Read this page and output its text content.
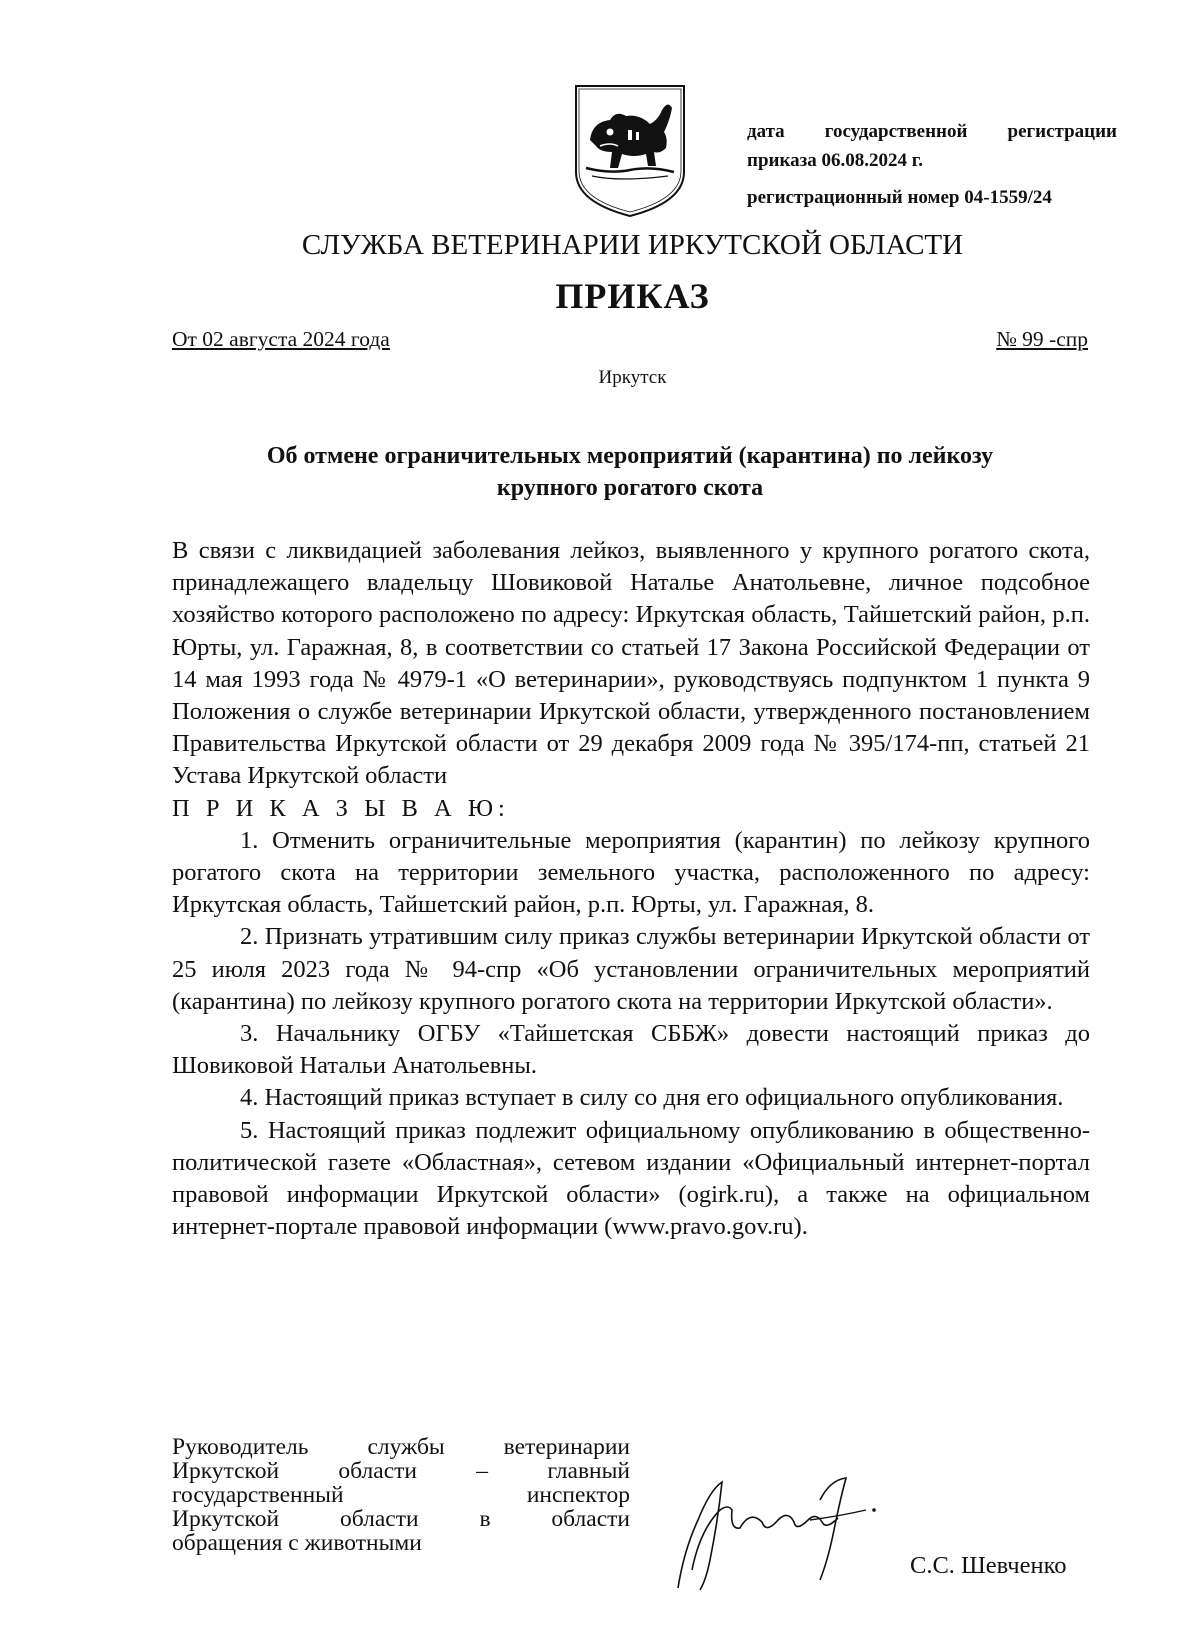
дата государственной регистрации
приказа 06.08.2024 г.
регистрационный номер 04-1559/24
СЛУЖБА ВЕТЕРИНАРИИ ИРКУТСКОЙ ОБЛАСТИ
ПРИКАЗ
От 02 августа 2024 года	№ 99 -спр
Иркутск
Об отмене ограничительных мероприятий (карантина) по лейкозу
крупного рогатого скота

В связи с ликвидацией заболевания лейкоз, выявленного у крупного рогатого скота, принадлежащего владельцу Шовиковой Наталье Анатольевне, личное подсобное хозяйство которого расположено по адресу: Иркутская область, Тайшетский район, р.п. Юрты, ул. Гаражная, 8, в соответствии со статьей 17 Закона Российской Федерации от 14 мая 1993 года № 4979-1 «О ветеринарии», руководствуясь подпунктом 1 пункта 9 Положения о службе ветеринарии Иркутской области, утвержденного постановлением Правительства Иркутской области от 29 декабря 2009 года № 395/174-пп, статьей 21 Устава Иркутской области

П Р И К А З Ы В А Ю:

1. Отменить ограничительные мероприятия (карантин) по лейкозу крупного рогатого скота на территории земельного участка, расположенного по адресу: Иркутская область, Тайшетский район, р.п. Юрты, ул. Гаражная, 8.

2. Признать утратившим силу приказ службы ветеринарии Иркутской области от 25 июля 2023 года № 94-спр «Об установлении ограничительных мероприятий (карантина) по лейкозу крупного рогатого скота на территории Иркутской области».

3. Начальнику ОГБУ «Тайшетская СББЖ» довести настоящий приказ до Шовиковой Натальи Анатольевны.

4. Настоящий приказ вступает в силу со дня его официального опубликования.

5. Настоящий приказ подлежит официальному опубликованию в общественно-политической газете «Областная», сетевом издании «Официальный интернет-портал правовой информации Иркутской области» (ogirk.ru), а также на официальном интернет-портале правовой информации (www.pravo.gov.ru).

Руководитель службы ветеринарии
Иркутской области – главный
государственный инспектор
Иркутской области в области
обращения с животными
С.С. Шевченко
